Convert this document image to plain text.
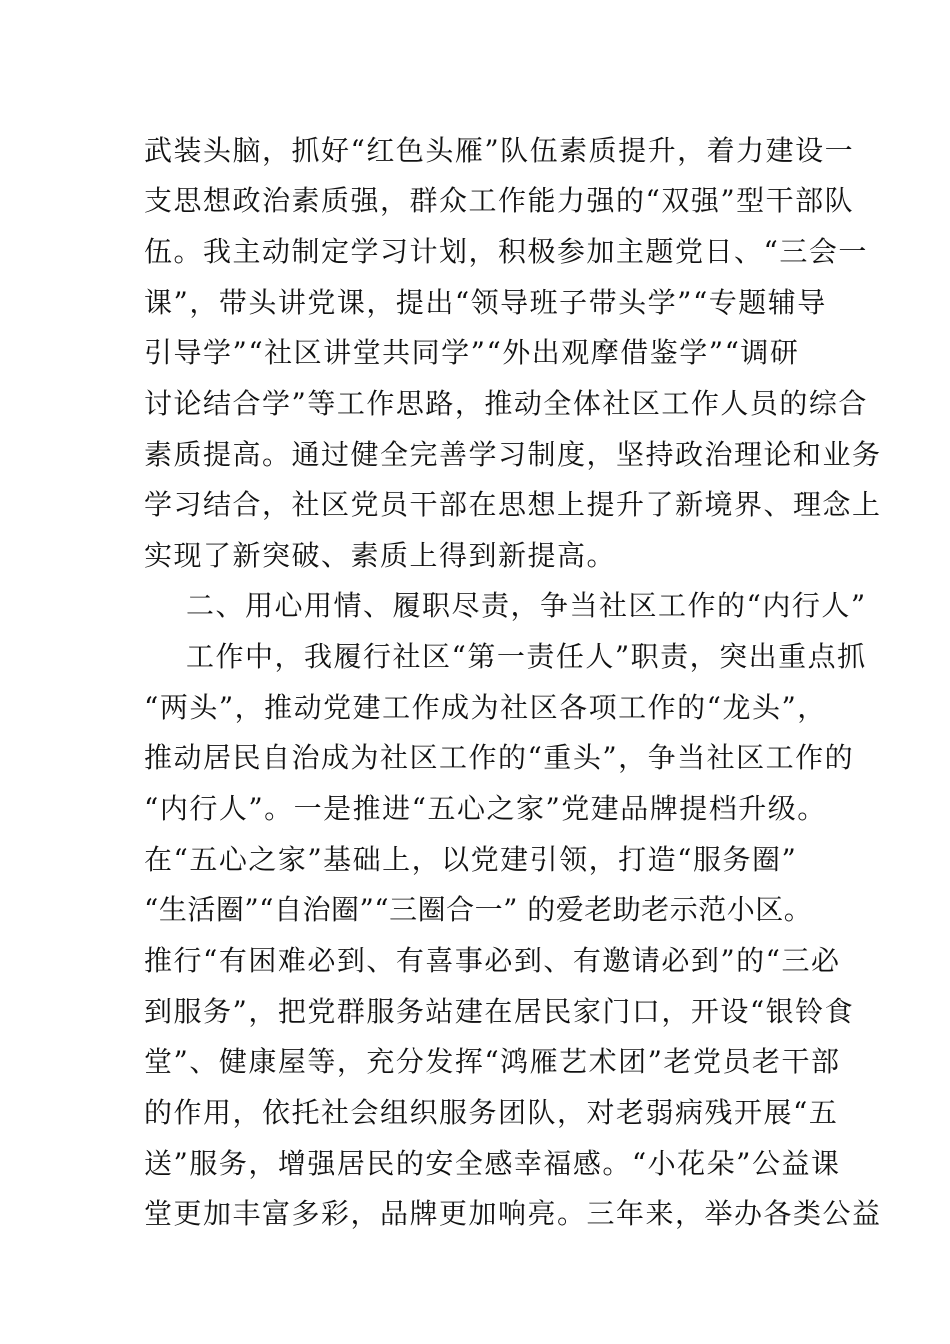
武装头脑，抓好“红色头雁”队伍素质提升，着力建设一
支思想政治素质强，群众工作能力强的“双强”型干部队
伍。我主动制定学习计划，积极参加主题党日、“三会一
课”，带头讲党课，提出“领导班子带头学”“专题辅导
引导学”“社区讲堂共同学”“外出观摩借鉴学”“调研
讨论结合学”等工作思路，推动全体社区工作人员的综合
素质提高。通过健全完善学习制度，坚持政治理论和业务
学习结合，社区党员干部在思想上提升了新境界、理念上
实现了新突破、素质上得到新提高。
二、用心用情、履职尽责，争当社区工作的“内行人”
工作中，我履行社区“第一责任人”职责，突出重点抓
“两头”，推动党建工作成为社区各项工作的“龙头”，
推动居民自治成为社区工作的“重头”，争当社区工作的
“内行人”。一是推进“五心之家”党建品牌提档升级。
在“五心之家”基础上，以党建引领，打造“服务圈”
“生活圈”“自治圈”“三圈合一” 的爱老助老示范小区。
推行“有困难必到、有喜事必到、有邀请必到”的“三必
到服务”，把党群服务站建在居民家门口，开设“银铃食
堂”、健康屋等，充分发挥“鸿雁艺术团”老党员老干部
的作用，依托社会组织服务团队，对老弱病残开展“五
送”服务，增强居民的安全感幸福感。“小花朵”公益课
堂更加丰富多彩，品牌更加响亮。三年来，举办各类公益
